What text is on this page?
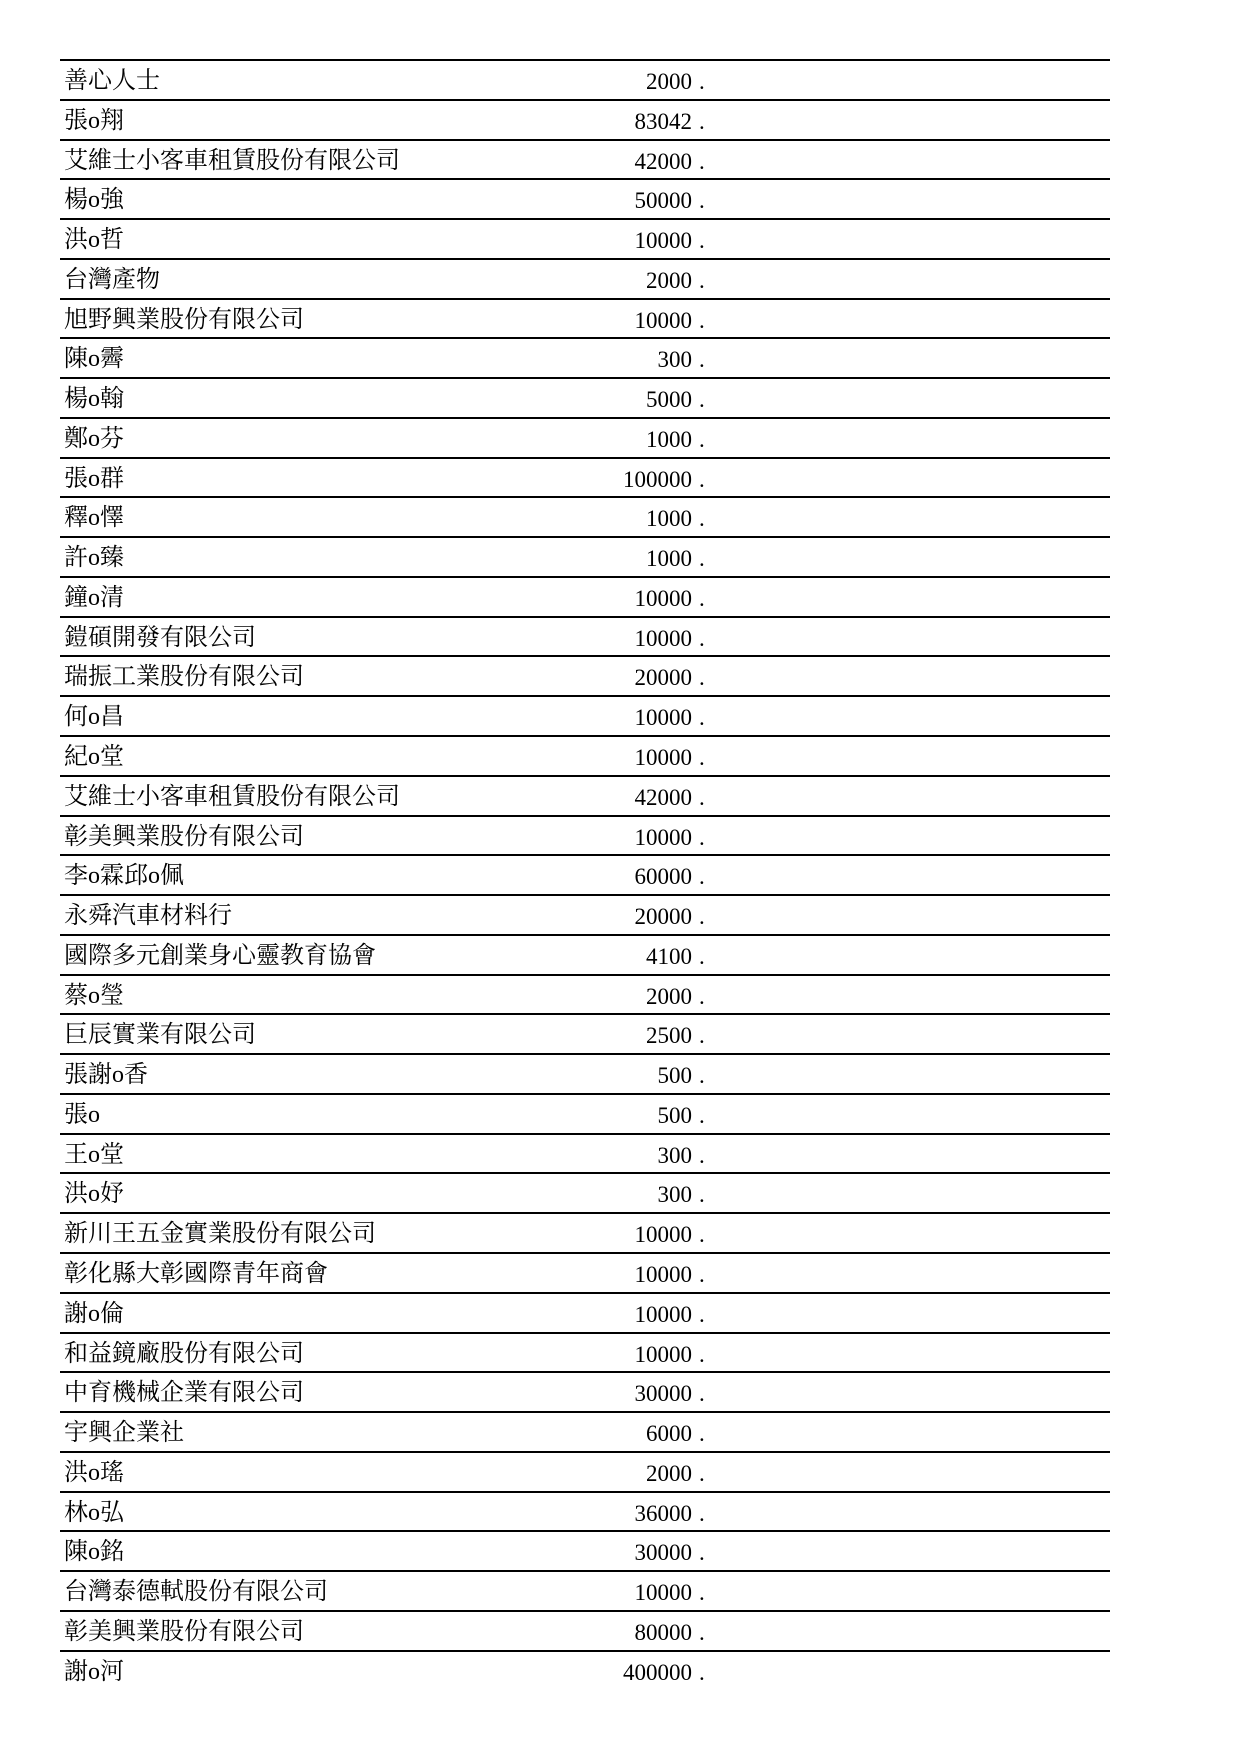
善心人士	2000 .
張o翔	83042 .
艾維士小客車租賃股份有限公司	42000 .
楊o強	50000 .
洪o哲	10000 .
台灣產物	2000 .
旭野興業股份有限公司	10000 .
陳o霽	300 .
楊o翰	5000 .
鄭o芬	1000 .
張o群	100000 .
釋o懌	1000 .
許o臻	1000 .
鐘o清	10000 .
鎧碩開發有限公司	10000 .
瑞振工業股份有限公司	20000 .
何o昌	10000 .
紀o堂	10000 .
艾維士小客車租賃股份有限公司	42000 .
彰美興業股份有限公司	10000 .
李o霖邱o佩	60000 .
永舜汽車材料行	20000 .
國際多元創業身心靈教育協會	4100 .
蔡o瑩	2000 .
巨辰實業有限公司	2500 .
張謝o香	500 .
張o	500 .
王o堂	300 .
洪o妤	300 .
新川王五金實業股份有限公司	10000 .
彰化縣大彰國際青年商會	10000 .
謝o倫	10000 .
和益鏡廠股份有限公司	10000 .
中育機械企業有限公司	30000 .
宇興企業社	6000 .
洪o瑤	2000 .
林o弘	36000 .
陳o銘	30000 .
台灣泰德軾股份有限公司	10000 .
彰美興業股份有限公司	80000 .
謝o河	400000 .
